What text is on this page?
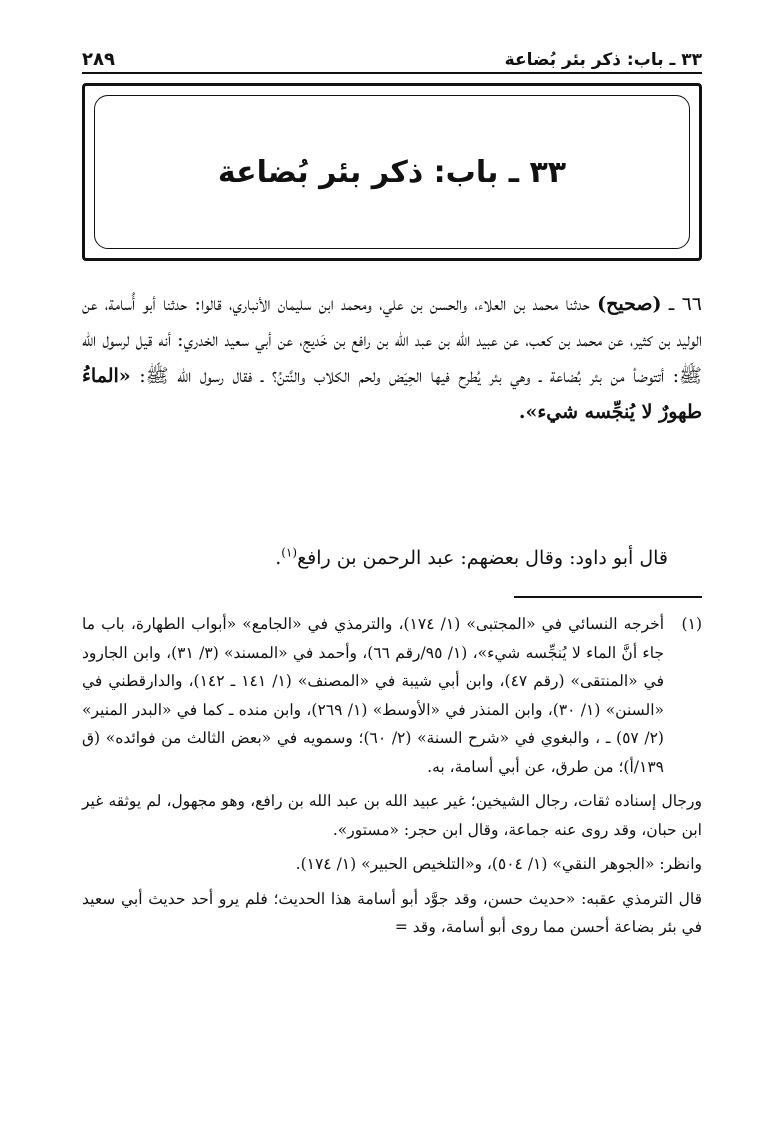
٣٣ ـ باب: ذكر بئر بُضاعة
٢٨٩
٣٣ ـ باب: ذكر بئر بُضاعة

٦٦ ـ (صحيح) حدثنا محمد بن العلاء، والحسن بن علي، ومحمد ابن سليمان الأنباري، قالوا: حدثنا أبو أُسامة، عن الوليد بن كثير، عن محمد بن كعب، عن عبيد الله بن عبد الله بن رافع بن خَديج، عن أبي سعيد الخدري: أنه قيل لرسول الله ﷺ: أتتوضأ من بئر بُضاعة ـ وهي بئر يُطرح فيها الحِيَض ولحم الكلاب والنَّتنُ؟ ـ فقال رسول الله ﷺ: «الماءُ طهورٌ لا يُنجِّسه شيء».

قال أبو داود: وقال بعضهم: عبد الرحمن بن رافع$^{(١)}$.
(١)
أخرجه النسائي في «المجتبى» (١/ ١٧٤)، والترمذي في «الجامع» «أبواب الطهارة، باب ما جاء أنَّ الماء لا يُنجِّسه شيء»، (١/ ٩٥/رقم ٦٦)، وأحمد في «المسند» (٣/ ٣١)، وابن الجارود في «المنتقى» (رقم ٤٧)، وابن أبي شيبة في «المصنف» (١/ ١٤١ ـ ١٤٢)، والدارقطني في «السنن» (١/ ٣٠)، وابن المنذر في «الأوسط» (١/ ٢٦٩)، وابن منده ـ كما في «البدر المنير» (٢/ ٥٧) ـ ، والبغوي في «شرح السنة» (٢/ ٦٠)؛ وسمويه في «بعض الثالث من فوائده» (ق ١٣٩/أ)؛ من طرق، عن أبي أسامة، به.

ورجال إسناده ثقات، رجال الشيخين؛ غير عبيد الله بن عبد الله بن رافع، وهو مجهول، لم يوثقه غير ابن حبان، وقد روى عنه جماعة، وقال ابن حجر: «مستور».

وانظر: «الجوهر النقي» (١/ ٥٠٤)، و«التلخيص الحبير» (١/ ١٧٤).

قال الترمذي عقبه: «حديث حسن، وقد جوَّد أبو أسامة هذا الحديث؛ فلم يرو أحد حديث أبي سعيد في بئر بضاعة أحسن مما روى أبو أسامة، وقد =
